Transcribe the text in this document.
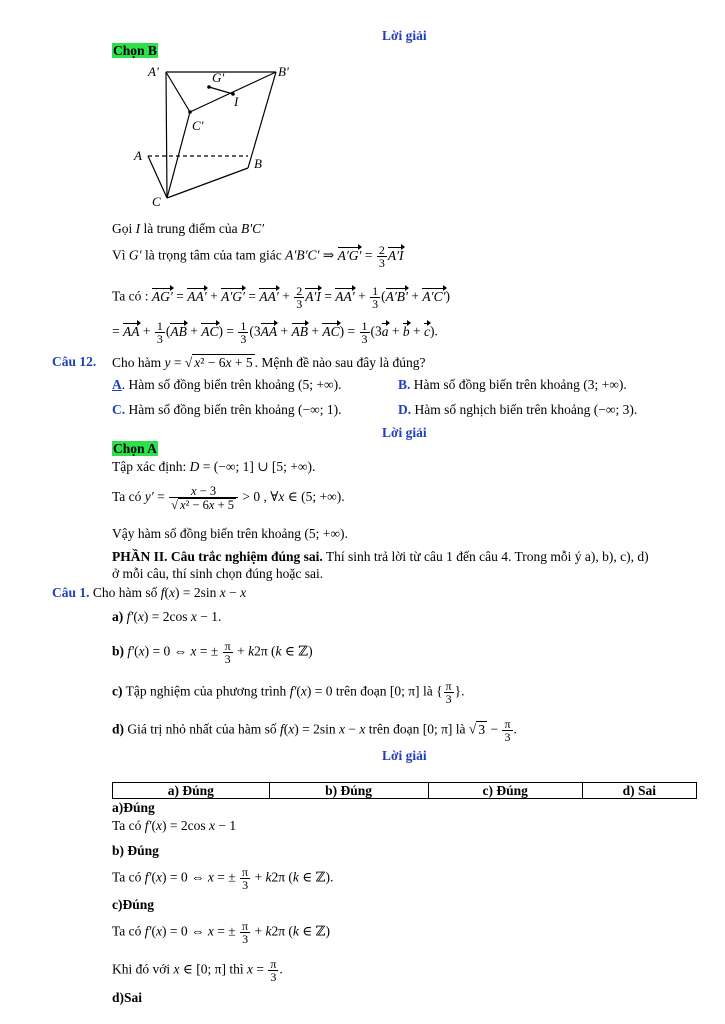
Lời giải
Chọn B
A'	B'
G'
I
C'
A
B
C
Gọi I là trung điểm của B′C′
Vì G′ là trọng tâm của tam giác A′B′C′ ⇒ $A'G' = \frac{2}{3} A'I$
Ta có : $AG' = AA' + A'G' = AA' + \frac{2}{3} A'I = AA' + \frac{1}{3} (A'B' + A'C')$
= AA + $\frac{1}{3} (AB + AC) = \frac{1}{3} (3AA$ + AB + $AC) = \frac{1}{3} (3a + b + c)$.
Câu 12. Cho hàm y = √ x² − 6x + 5 . Mệnh đề nào sau đây là đúng?
A. Hàm số đồng biến trên khoảng (5; +∞).	B. Hàm số đồng biến trên khoảng (3; +∞).
C. Hàm số đồng biến trên khoảng (−∞; 1).	D. Hàm số nghịch biến trên khoảng (−∞; 3).
Lời giải
Chọn A
Tập xác định: D = (−∞; 1] ∪ [5; +∞).
Ta có $y' = \frac{x - 3}{\text{√ x² − 6x + 5}} > 0$ , ∀x ∈ (5; +∞).
Vậy hàm số đồng biến trên khoảng (5; +∞).
PHẦN II. Câu trắc nghiệm đúng sai. Thí sinh trả lời từ câu 1 đến câu 4. Trong mỗi ý a), b), c), d)
ở mỗi câu, thí sinh chọn đúng hoặc sai.
Câu 1. Cho hàm số f(x) = 2sin x − x
a) f′(x) = 2cos x − 1.
b) f′(x) = 0 ⇔ x = ± $\frac{\pi}{3} + k2\pi$ (k ∈ ℤ)
c) Tập nghiệm của phương trình f′(x) = 0 trên đoạn [0; π] là { $\frac{\pi}{3}$ }.
d) Giá trị nhỏ nhất của hàm số f(x) = 2sin x − x trên đoạn [0; π] là √ $3 - \frac{\pi}{3}$ .
Lời giải
a) Đúng	b) Đúng	c) Đúng	d) Sai
a)Đúng
Ta có f′(x) = 2cos x − 1
b) Đúng
Ta có f′(x) = 0 ⇔ x = ± $\frac{\pi}{3} + k2\pi$ (k ∈ ℤ).
c)Đúng
Ta có f′(x) = 0 ⇔ x = ± $\frac{\pi}{3} + k2\pi$ (k ∈ ℤ)
Khi đó với x ∈ [0; π] thì $x = \frac{\pi}{3}$ .
d)Sai
